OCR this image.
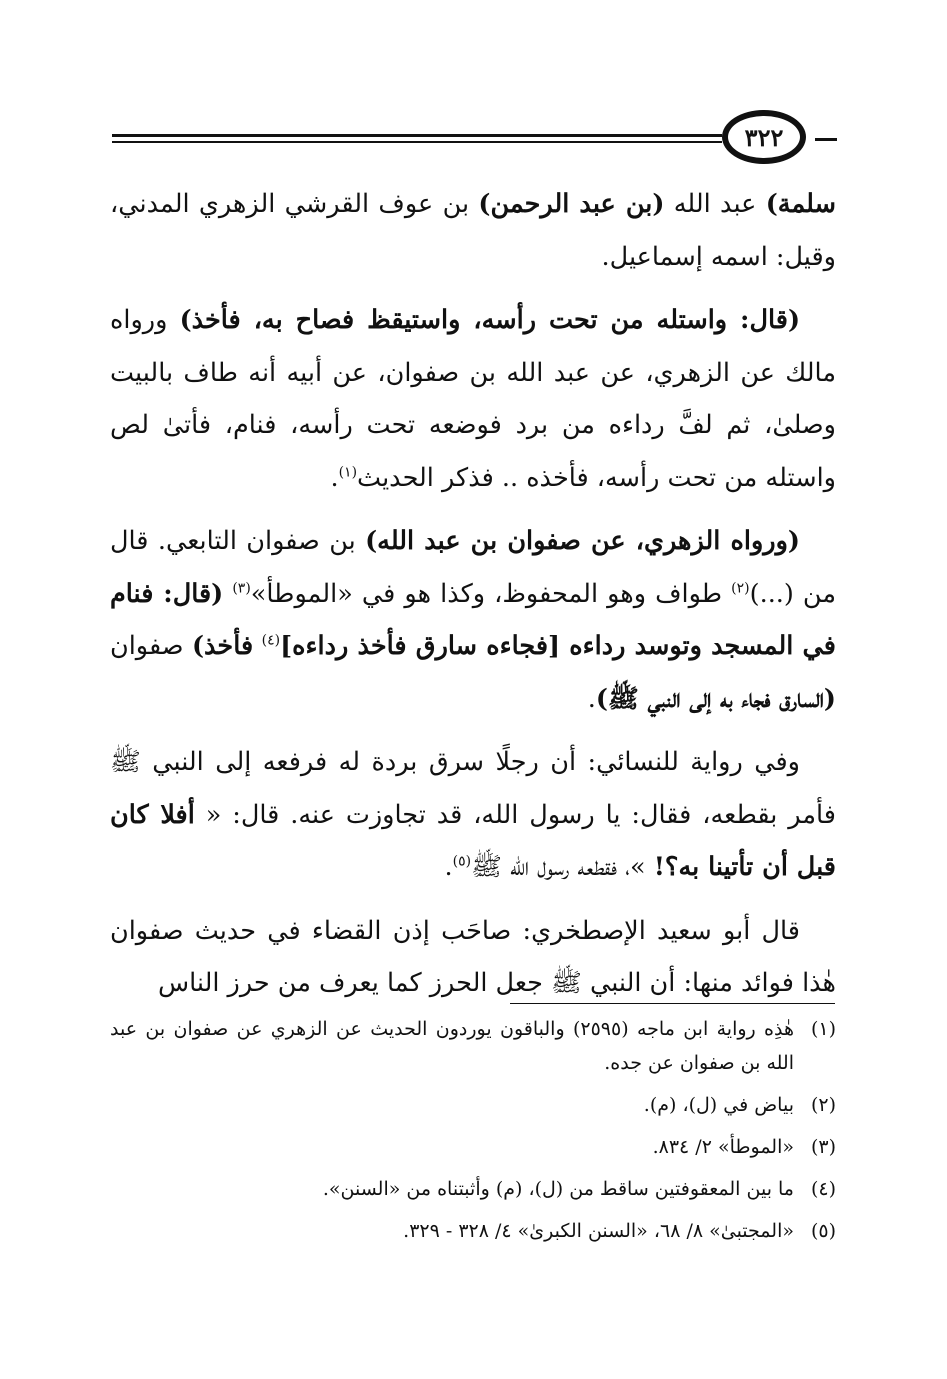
٣٢٢

سلمة) عبد الله (بن عبد الرحمن) بن عوف القرشي الزهري المدني، وقيل: اسمه إسماعيل.

(قال: واستله من تحت رأسه، واستيقظ فصاح به، فأخذ) ورواه مالك عن الزهري، عن عبد الله بن صفوان، عن أبيه أنه طاف بالبيت وصلىٰ، ثم لفَّ رداءه من برد فوضعه تحت رأسه، فنام، فأتىٰ لص واستله من تحت رأسه، فأخذه .. فذكر الحديث$^{(١)}$.

(ورواه الزهري، عن صفوان بن عبد الله) بن صفوان التابعي. قال من (...)$^{(٢)}$ طواف وهو المحفوظ، وكذا هو في «الموطأ»$^{(٣)}$ (قال: فنام في المسجد وتوسد رداءه [فجاءه سارق فأخذ رداءه]$^{(٤)}$ فأخذ) صفوان (السارق فجاء به إلى النبي ﷺ).

وفي رواية للنسائي: أن رجلًا سرق بردة له فرفعه إلى النبي ﷺ فأمر بقطعه، فقال: يا رسول الله، قد تجاوزت عنه. قال: « أفلا كان قبل أن تأتينا به؟! »، فقطعه رسول الله ﷺ$^{(٥)}$.

قال أبو سعيد الإصطخري: صاحَب إذن القضاء في حديث صفوان هٰذا فوائد منها: أن النبي ﷺ جعل الحرز كما يعرف من حرز الناس

(١)
هٰذِه رواية ابن ماجه (٢٥٩٥) والباقون يوردون الحديث عن الزهري عن صفوان بن عبد الله بن صفوان عن جده.
(٢)
بياض في (ل)، (م).
(٣)
«الموطأ» ٢/ ٨٣٤.
(٤)
ما بين المعقوفتين ساقط من (ل)، (م) وأثبتناه من «السنن».
(٥)
«المجتبىٰ» ٨/ ٦٨، «السنن الكبرىٰ» ٤/ ٣٢٨ - ٣٢٩.
